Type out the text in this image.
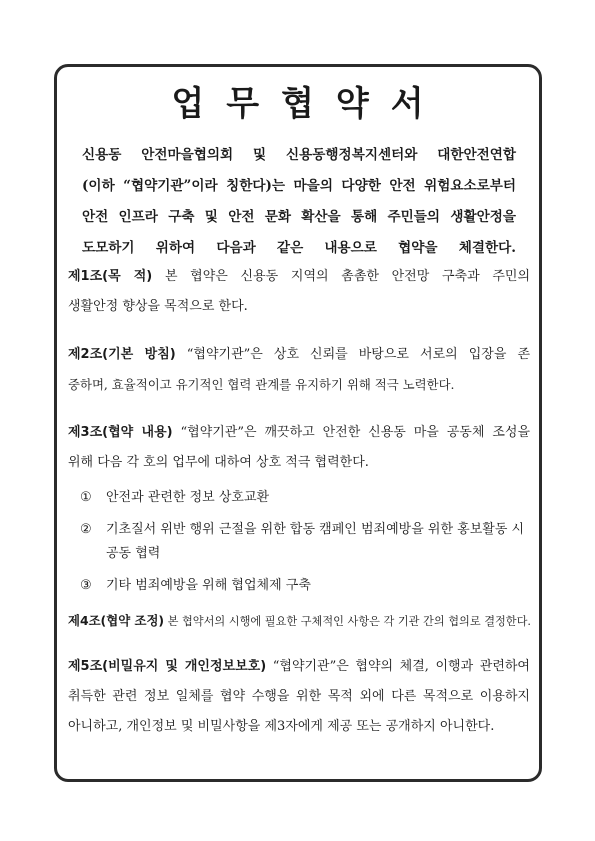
업무협약서
신용동 안전마을협의회 및 신용동행정복지센터와 대한안전연합
(이하 “협약기관”이라 칭한다)는 마을의 다양한 안전 위험요소로부터
안전 인프라 구축 및 안전 문화 확산을 통해 주민들의 생활안정을
도모하기 위하여 다음과 같은 내용으로 협약을 체결한다.
제1조(목 적) 본 협약은 신용동 지역의 촘촘한 안전망 구축과 주민의
생활안정 향상을 목적으로 한다.
제2조(기본 방침) “협약기관”은 상호 신뢰를 바탕으로 서로의 입장을 존
중하며, 효율적이고 유기적인 협력 관계를 유지하기 위해 적극 노력한다.
제3조(협약 내용) “협약기관”은 깨끗하고 안전한 신용동 마을 공동체 조성을
위해 다음 각 호의 업무에 대하여 상호 적극 협력한다.
①	안전과 관련한 정보 상호교환
②	기초질서 위반 행위 근절을 위한 합동 캠페인 범죄예방을 위한 홍보활동 시 공동 협력
③	기타 범죄예방을 위해 협업체제 구축
제4조(협약 조정) 본 협약서의 시행에 필요한 구체적인 사항은 각 기관 간의 협의로 결정한다.
제5조(비밀유지 및 개인정보보호) “협약기관”은 협약의 체결, 이행과 관련하여
취득한 관련 정보 일체를 협약 수행을 위한 목적 외에 다른 목적으로 이용하지
아니하고, 개인정보 및 비밀사항을 제3자에게 제공 또는 공개하지 아니한다.
